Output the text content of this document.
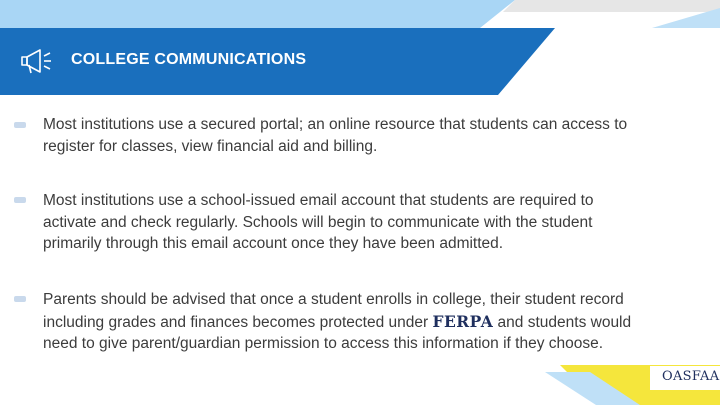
COLLEGE COMMUNICATIONS
Most institutions use a secured portal; an online resource that students can access to register for classes, view financial aid and billing.
Most institutions use a school-issued email account that students are required to activate and check regularly. Schools will begin to communicate with the student primarily through this email account once they have been admitted.
Parents should be advised that once a student enrolls in college, their student record including grades and finances becomes protected under FERPA and students would need to give parent/guardian permission to access this information if they choose.
OASFAA
